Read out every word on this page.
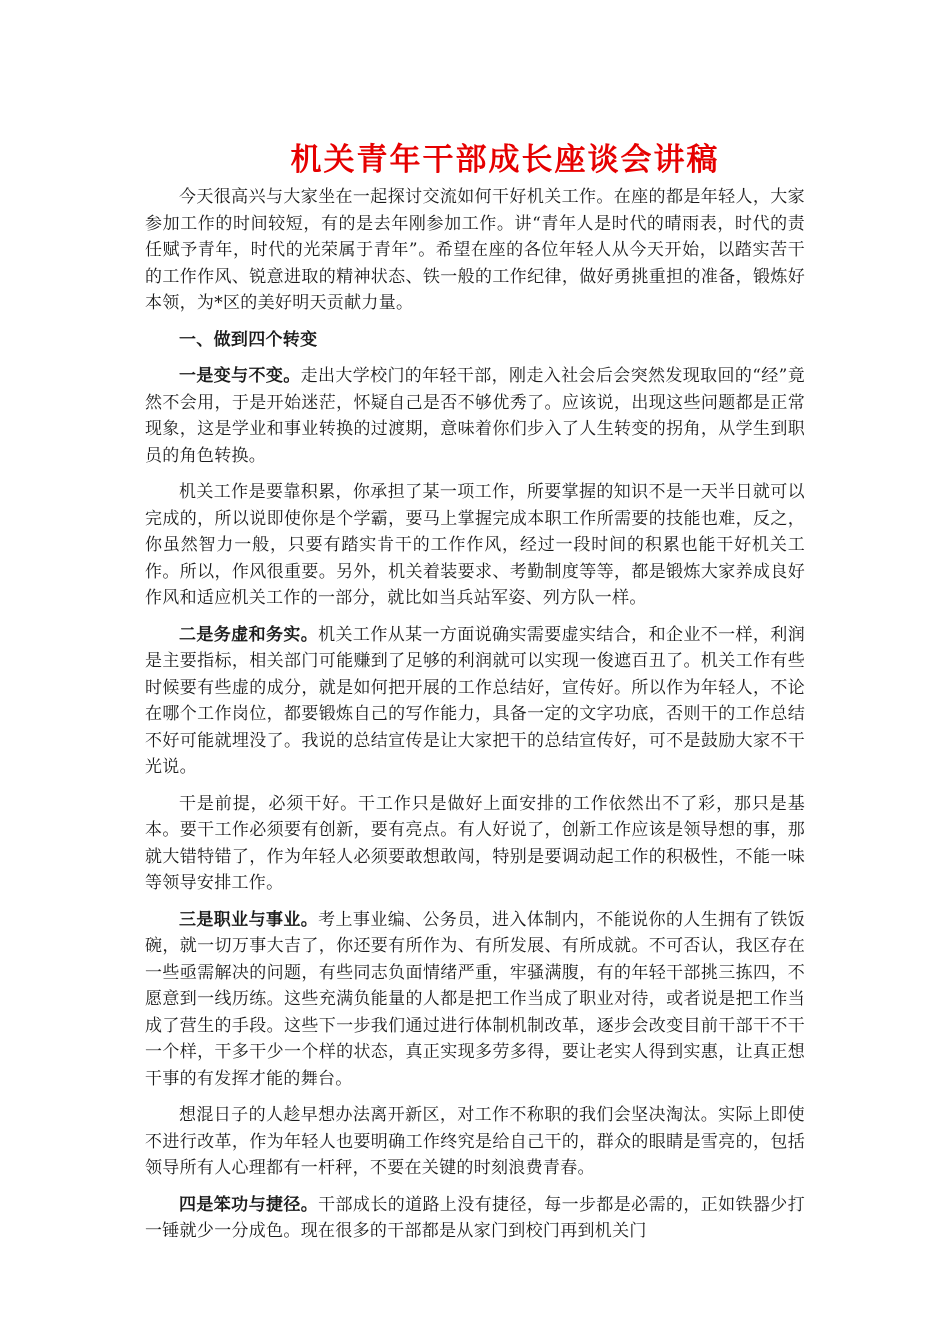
机关青年干部成长座谈会讲稿

今天很高兴与大家坐在一起探讨交流如何干好机关工作。在座的都是年轻人，大家参加工作的时间较短，有的是去年刚参加工作。讲“青年人是时代的晴雨表，时代的责任赋予青年，时代的光荣属于青年”。希望在座的各位年轻人从今天开始，以踏实苦干的工作作风、锐意进取的精神状态、铁一般的工作纪律，做好勇挑重担的准备，锻炼好本领，为*区的美好明天贡献力量。

一、做到四个转变

一是变与不变。走出大学校门的年轻干部，刚走入社会后会突然发现取回的“经”竟然不会用，于是开始迷茫，怀疑自己是否不够优秀了。应该说，出现这些问题都是正常现象，这是学业和事业转换的过渡期，意味着你们步入了人生转变的拐角，从学生到职员的角色转换。

机关工作是要靠积累，你承担了某一项工作，所要掌握的知识不是一天半日就可以完成的，所以说即使你是个学霸，要马上掌握完成本职工作所需要的技能也难，反之，你虽然智力一般，只要有踏实肯干的工作作风，经过一段时间的积累也能干好机关工作。所以，作风很重要。另外，机关着装要求、考勤制度等等，都是锻炼大家养成良好作风和适应机关工作的一部分，就比如当兵站军姿、列方队一样。

二是务虚和务实。机关工作从某一方面说确实需要虚实结合，和企业不一样，利润是主要指标，相关部门可能赚到了足够的利润就可以实现一俊遮百丑了。机关工作有些时候要有些虚的成分，就是如何把开展的工作总结好，宣传好。所以作为年轻人，不论在哪个工作岗位，都要锻炼自己的写作能力，具备一定的文字功底，否则干的工作总结不好可能就埋没了。我说的总结宣传是让大家把干的总结宣传好，可不是鼓励大家不干光说。

干是前提，必须干好。干工作只是做好上面安排的工作依然出不了彩，那只是基本。要干工作必须要有创新，要有亮点。有人好说了，创新工作应该是领导想的事，那就大错特错了，作为年轻人必须要敢想敢闯，特别是要调动起工作的积极性，不能一味等领导安排工作。

三是职业与事业。考上事业编、公务员，进入体制内，不能说你的人生拥有了铁饭碗，就一切万事大吉了，你还要有所作为、有所发展、有所成就。不可否认，我区存在一些亟需解决的问题，有些同志负面情绪严重，牢骚满腹，有的年轻干部挑三拣四，不愿意到一线历练。这些充满负能量的人都是把工作当成了职业对待，或者说是把工作当成了营生的手段。这些下一步我们通过进行体制机制改革，逐步会改变目前干部干不干一个样，干多干少一个样的状态，真正实现多劳多得，要让老实人得到实惠，让真正想干事的有发挥才能的舞台。

想混日子的人趁早想办法离开新区，对工作不称职的我们会坚决淘汰。实际上即使不进行改革，作为年轻人也要明确工作终究是给自己干的，群众的眼睛是雪亮的，包括领导所有人心理都有一杆秤，不要在关键的时刻浪费青春。

四是笨功与捷径。干部成长的道路上没有捷径，每一步都是必需的，正如铁器少打一锤就少一分成色。现在很多的干部都是从家门到校门再到机关门
